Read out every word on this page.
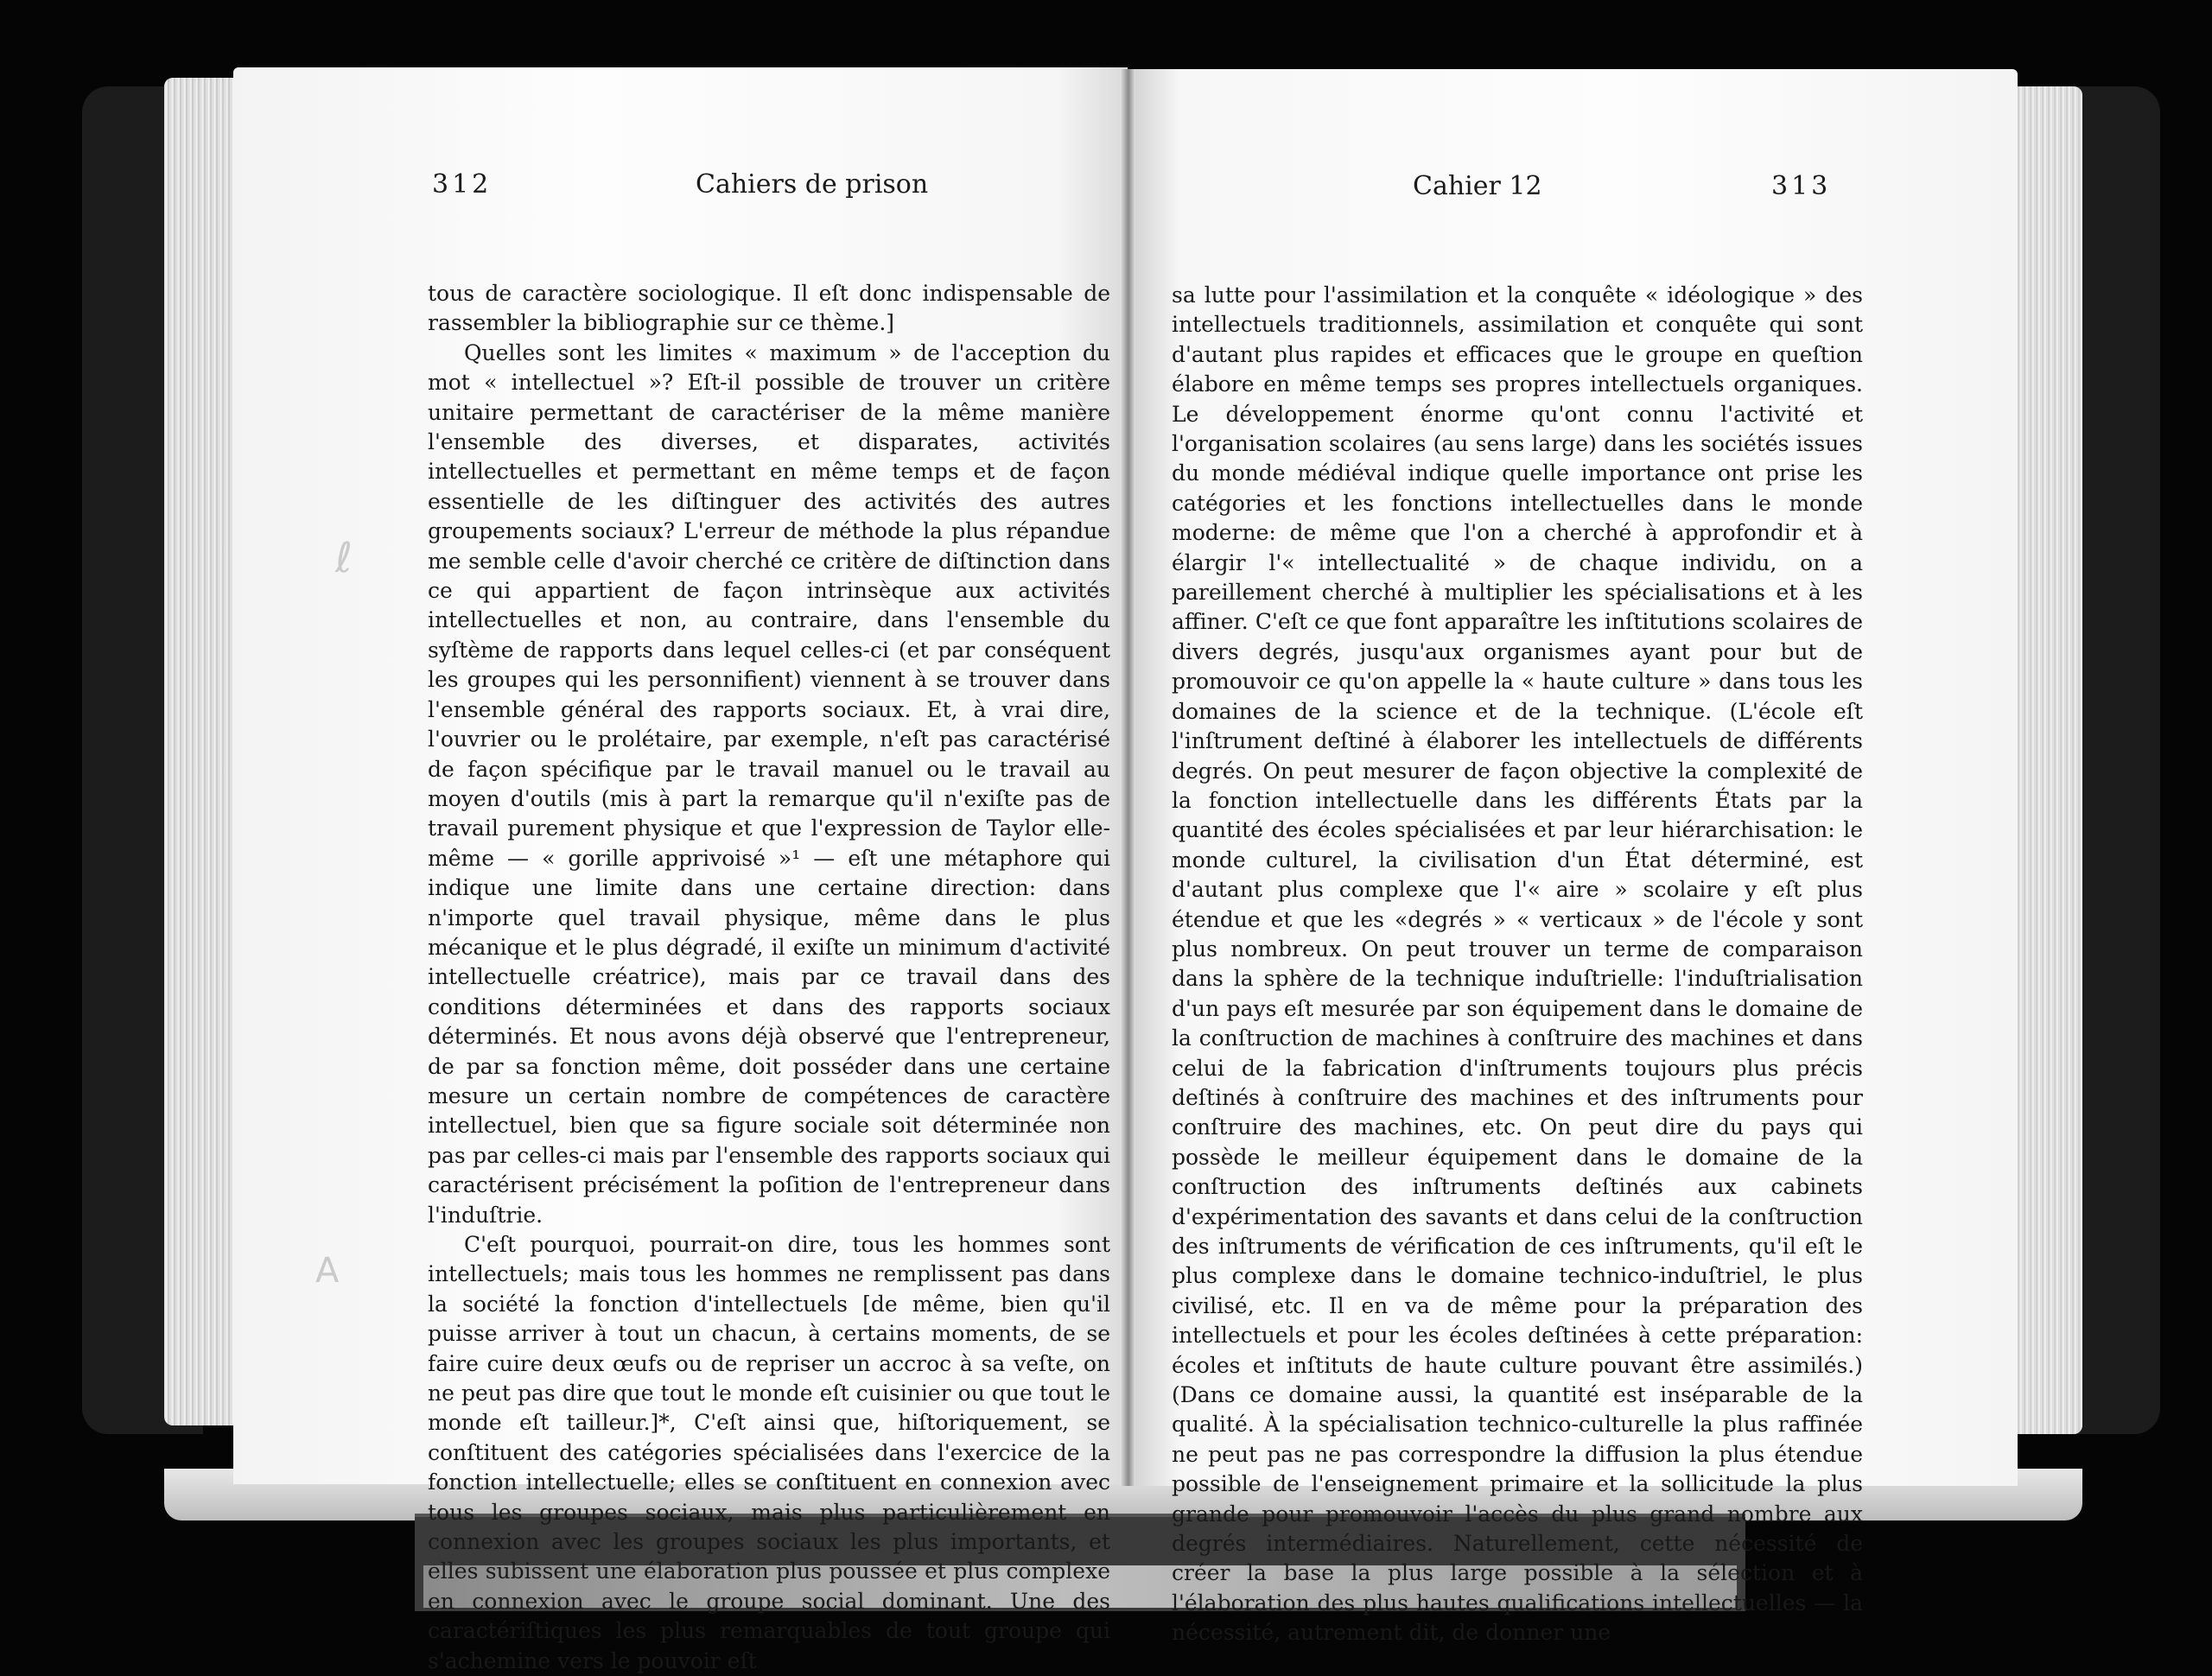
ℓ
A
312	Cahiers de prison

tous de caractère sociologique. Il eſt donc indispensable de rassembler la bibliographie sur ce thème.]

Quelles sont les limites « maximum » de l'acception du mot « intellectuel »? Eſt-il possible de trouver un critère unitaire permettant de caractériser de la même manière l'ensemble des diverses, et disparates, activités intellectuelles et permettant en même temps et de façon essentielle de les diſtinguer des activités des autres groupements sociaux? L'erreur de méthode la plus répandue me semble celle d'avoir cherché ce critère de diſtinction dans ce qui appartient de façon intrinsèque aux activités intellectuelles et non, au contraire, dans l'ensemble du syſtème de rapports dans lequel celles-ci (et par conséquent les groupes qui les personnifient) viennent à se trouver dans l'ensemble général des rapports sociaux. Et, à vrai dire, l'ouvrier ou le prolétaire, par exemple, n'eſt pas caractérisé de façon spécifique par le travail manuel ou le travail au moyen d'outils (mis à part la remarque qu'il n'exiſte pas de travail purement physique et que l'expression de Taylor elle-même — « gorille apprivoisé »¹ — eſt une métaphore qui indique une limite dans une certaine direction: dans n'importe quel travail physique, même dans le plus mécanique et le plus dégradé, il exiſte un minimum d'activité intellectuelle créatrice), mais par ce travail dans des conditions déterminées et dans des rapports sociaux déterminés. Et nous avons déjà observé que l'entrepreneur, de par sa fonction même, doit posséder dans une certaine mesure un certain nombre de compétences de caractère intellectuel, bien que sa figure sociale soit déterminée non pas par celles-ci mais par l'ensemble des rapports sociaux qui caractérisent précisément la poſition de l'entrepreneur dans l'induſtrie.

C'eſt pourquoi, pourrait-on dire, tous les hommes sont intellectuels; mais tous les hommes ne remplissent pas dans la société la fonction d'intellectuels [de même, bien qu'il puisse arriver à tout un chacun, à certains moments, de se faire cuire deux œufs ou de repriser un accroc à sa veſte, on ne peut pas dire que tout le monde eſt cuisinier ou que tout le monde eſt tailleur.]*, C'eſt ainsi que, hiſtoriquement, se conſtituent des catégories spécialisées dans l'exercice de la fonction intellectuelle; elles se conſtituent en connexion avec tous les groupes sociaux, mais plus particulièrement en connexion avec les groupes sociaux les plus importants, et elles subissent une élaboration plus poussée et plus complexe en connexion avec le groupe social dominant. Une des caractériſtiques les plus remarquables de tout groupe qui s'achemine vers le pouvoir eſt

Cahier 12	313

sa lutte pour l'assimilation et la conquête « idéologique » des intellectuels traditionnels, assimilation et conquête qui sont d'autant plus rapides et efficaces que le groupe en queſtion élabore en même temps ses propres intellectuels organiques. Le développement énorme qu'ont connu l'activité et l'organisation scolaires (au sens large) dans les sociétés issues du monde médiéval indique quelle importance ont prise les catégories et les fonctions intellectuelles dans le monde moderne: de même que l'on a cherché à approfondir et à élargir l'« intellectualité » de chaque individu, on a pareillement cherché à multiplier les spécialisations et à les affiner. C'eſt ce que font apparaître les inſtitutions scolaires de divers degrés, jusqu'aux organismes ayant pour but de promouvoir ce qu'on appelle la « haute culture » dans tous les domaines de la science et de la technique. (L'école eſt l'inſtrument deſtiné à élaborer les intellectuels de différents degrés. On peut mesurer de façon objective la complexité de la fonction intellectuelle dans les différents États par la quantité des écoles spécialisées et par leur hiérarchisation: le monde culturel, la civilisation d'un État déterminé, est d'autant plus complexe que l'« aire » scolaire y eſt plus étendue et que les «degrés » « verticaux » de l'école y sont plus nombreux. On peut trouver un terme de comparaison dans la sphère de la technique induſtrielle: l'induſtrialisation d'un pays eſt mesurée par son équipement dans le domaine de la conſtruction de machines à conſtruire des machines et dans celui de la fabrication d'inſtruments toujours plus précis deſtinés à conſtruire des machines et des inſtruments pour conſtruire des machines, etc. On peut dire du pays qui possède le meilleur équipement dans le domaine de la conſtruction des inſtruments deſtinés aux cabinets d'expérimentation des savants et dans celui de la conſtruction des inſtruments de vérification de ces inſtruments, qu'il eſt le plus complexe dans le domaine technico-induſtriel, le plus civilisé, etc. Il en va de même pour la préparation des intellectuels et pour les écoles deſtinées à cette préparation: écoles et inſtituts de haute culture pouvant être assimilés.) (Dans ce domaine aussi, la quantité est inséparable de la qualité. À la spécialisation technico-culturelle la plus raffinée ne peut pas ne pas correspondre la diffusion la plus étendue possible de l'enseignement primaire et la sollicitude la plus grande pour promouvoir l'accès du plus grand nombre aux degrés intermédiaires. Naturellement, cette nécessité de créer la base la plus large possible à la sélection et à l'élaboration des plus hautes qualifications intellectuelles — la nécessité, autrement dit, de donner une
